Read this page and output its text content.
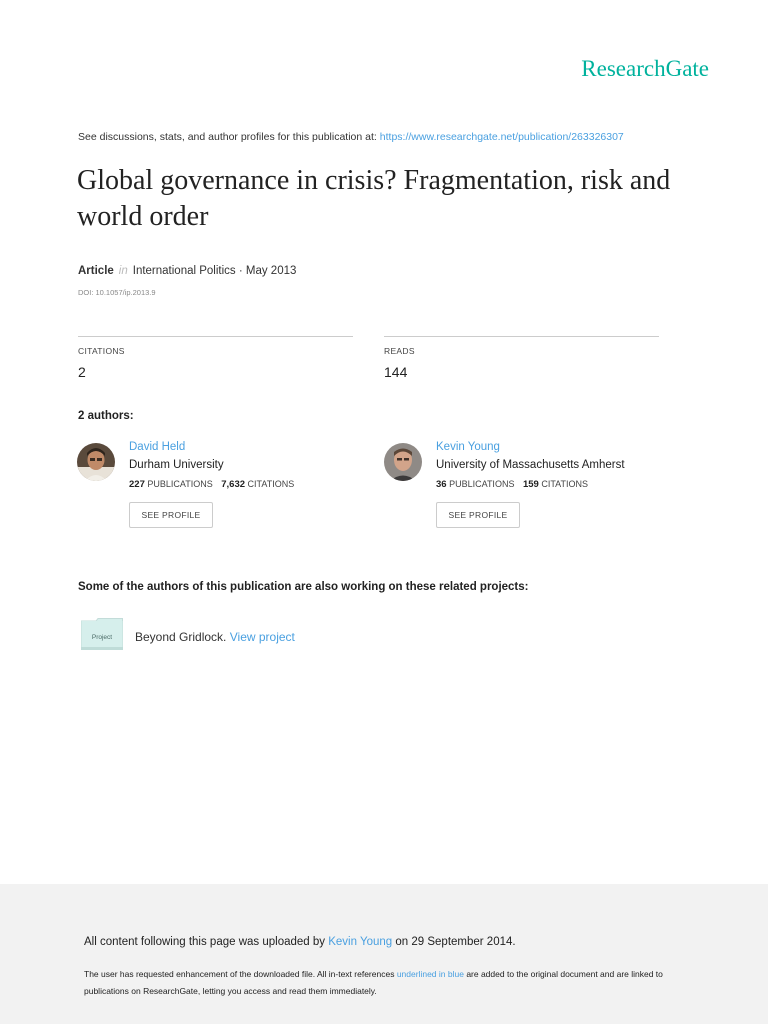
ResearchGate
See discussions, stats, and author profiles for this publication at: https://www.researchgate.net/publication/263326307
Global governance in crisis? Fragmentation, risk and world order
Article in International Politics · May 2013
DOI: 10.1057/ip.2013.9
CITATIONS
2
READS
144
2 authors:
David Held
Durham University
227 PUBLICATIONS 7,632 CITATIONS
SEE PROFILE
Kevin Young
University of Massachusetts Amherst
36 PUBLICATIONS 159 CITATIONS
SEE PROFILE
Some of the authors of this publication are also working on these related projects:
Project Beyond Gridlock. View project
All content following this page was uploaded by Kevin Young on 29 September 2014.
The user has requested enhancement of the downloaded file. All in-text references underlined in blue are added to the original document and are linked to publications on ResearchGate, letting you access and read them immediately.
